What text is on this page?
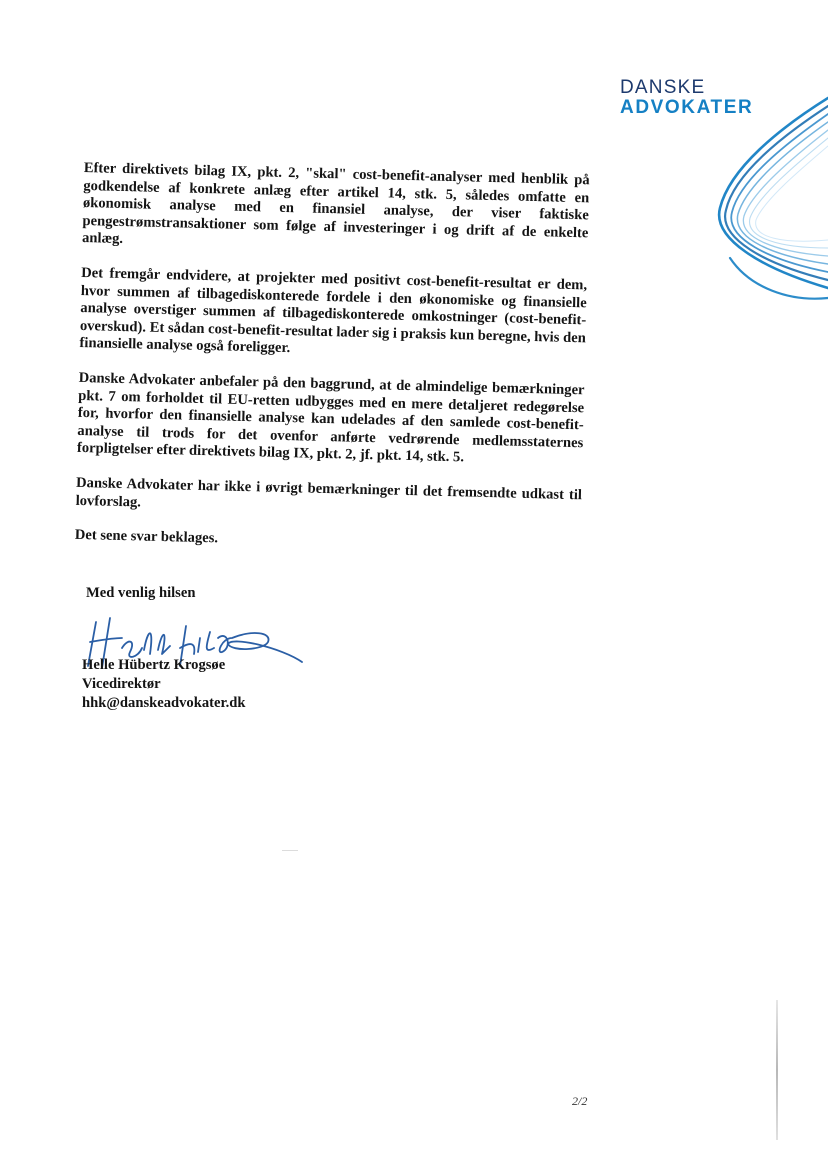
DANSKE
ADVOKATER

Efter direktivets bilag IX, pkt. 2, "skal" cost-benefit-analyser med henblik på godkendelse af konkrete anlæg efter artikel 14, stk. 5, således omfatte en økonomisk analyse med en finansiel analyse, der viser faktiske pengestrømstransaktioner som følge af investeringer i og drift af de enkelte anlæg.

Det fremgår endvidere, at projekter med positivt cost-benefit-resultat er dem, hvor summen af tilbagediskonterede fordele i den økonomiske og finansielle analyse overstiger summen af tilbagediskonterede omkostninger (cost-benefit-overskud). Et sådan cost-benefit-resultat lader sig i praksis kun beregne, hvis den finansielle analyse også foreligger.

Danske Advokater anbefaler på den baggrund, at de almindelige bemærkninger pkt. 7 om forholdet til EU-retten udbygges med en mere detaljeret redegørelse for, hvorfor den finansielle analyse kan udelades af den samlede cost-benefit-analyse til trods for det ovenfor anførte vedrørende medlemsstaternes forpligtelser efter direktivets bilag IX, pkt. 2, jf. pkt. 14, stk. 5.

Danske Advokater har ikke i øvrigt bemærkninger til det fremsendte udkast til lovforslag.

Det sene svar beklages.

Med venlig hilsen
Helle Hübertz Krogsøe
Vicedirektør
hhk@danskeadvokater.dk
2/2
